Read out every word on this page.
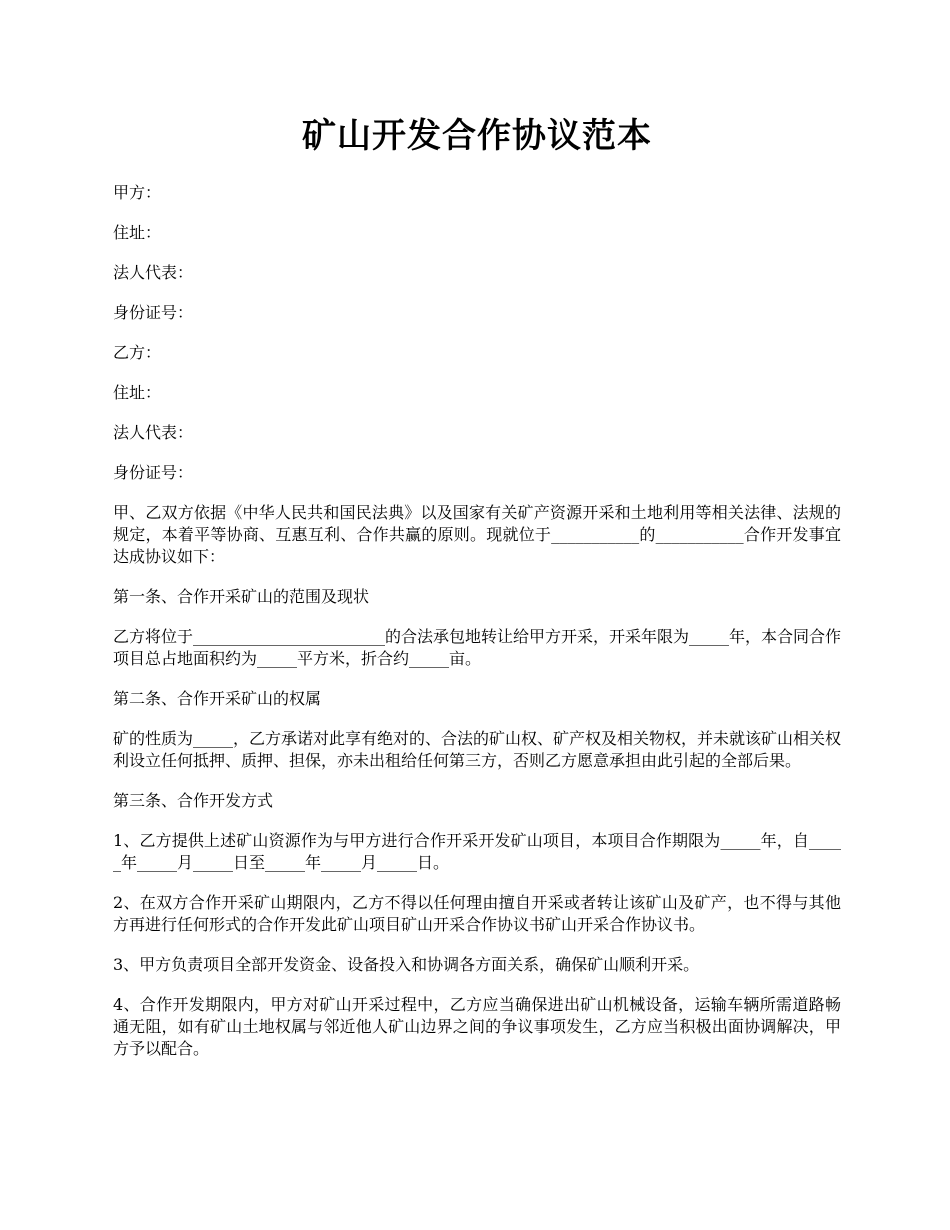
矿山开发合作协议范本

甲方：

住址：

法人代表：

身份证号：

乙方：

住址：

法人代表：

身份证号：

甲、乙双方依据《中华人民共和国民法典》以及国家有关矿产资源开采和土地利用等相关法律、法规的规定，本着平等协商、互惠互利、合作共赢的原则。现就位于___________的___________合作开发事宜达成协议如下：

第一条、合作开采矿山的范围及现状

乙方将位于________________________的合法承包地转让给甲方开采，开采年限为_____年，本合同合作项目总占地面积约为_____平方米，折合约_____亩。

第二条、合作开采矿山的权属

矿的性质为_____，乙方承诺对此享有绝对的、合法的矿山权、矿产权及相关物权，并未就该矿山相关权利设立任何抵押、质押、担保，亦未出租给任何第三方，否则乙方愿意承担由此引起的全部后果。

第三条、合作开发方式

1、乙方提供上述矿山资源作为与甲方进行合作开采开发矿山项目，本项目合作期限为_____年，自_____年_____月_____日至_____年_____月_____日。

2、在双方合作开采矿山期限内，乙方不得以任何理由擅自开采或者转让该矿山及矿产，也不得与其他方再进行任何形式的合作开发此矿山项目矿山开采合作协议书矿山开采合作协议书。

3、甲方负责项目全部开发资金、设备投入和协调各方面关系，确保矿山顺利开采。

4、合作开发期限内，甲方对矿山开采过程中，乙方应当确保进出矿山机械设备，运输车辆所需道路畅通无阻，如有矿山土地权属与邻近他人矿山边界之间的争议事项发生，乙方应当积极出面协调解决，甲方予以配合。
